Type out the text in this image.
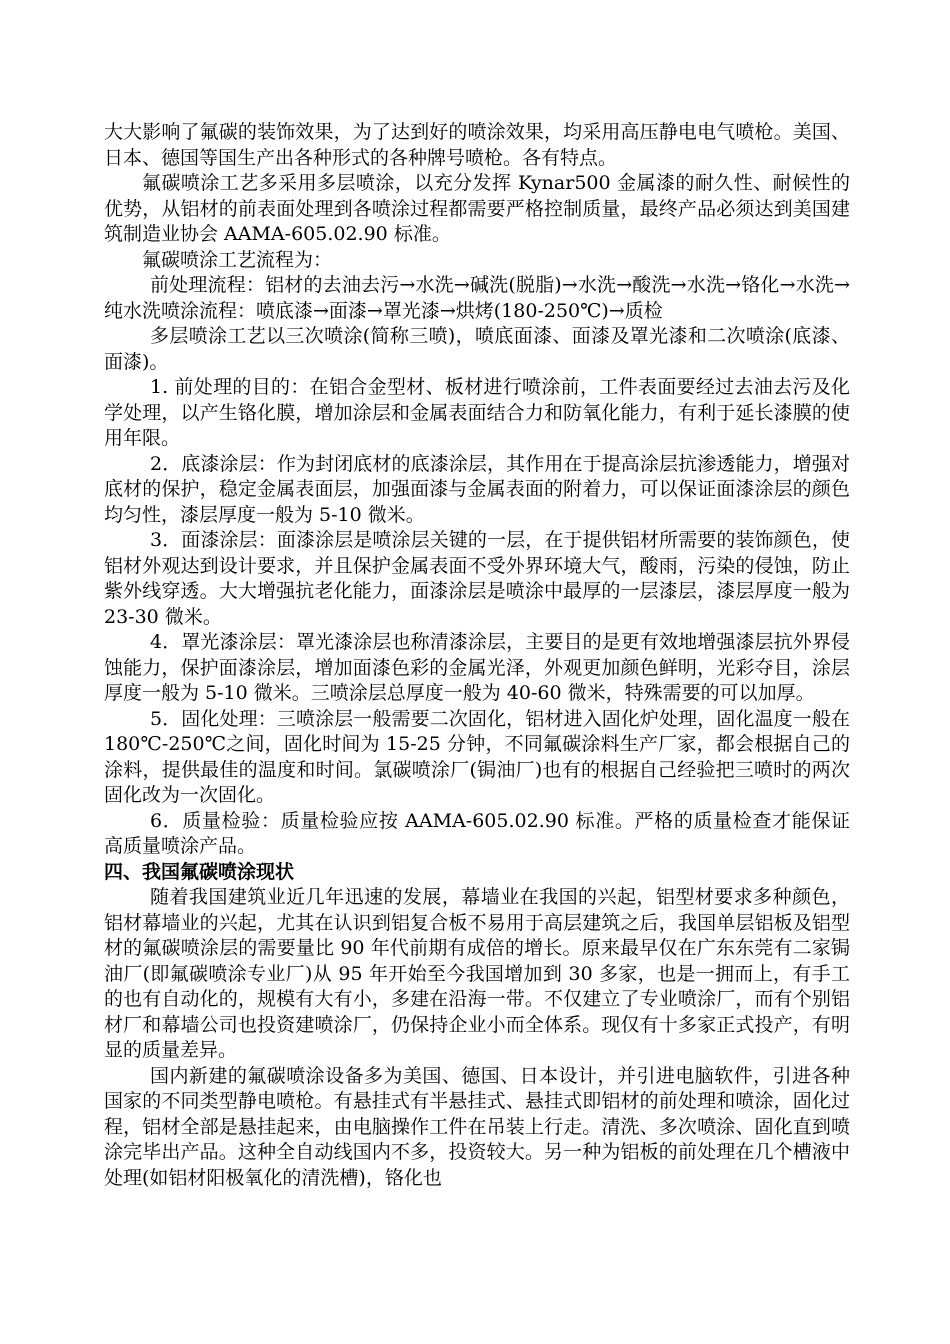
大大影响了氟碳的装饰效果，为了达到好的喷涂效果，均采用高压静电电气喷枪。美国、日本、德国等国生产出各种形式的各种牌号喷枪。各有特点。

氟碳喷涂工艺多采用多层喷涂，以充分发挥 Kynar500 金属漆的耐久性、耐候性的优势，从铝材的前表面处理到各喷涂过程都需要严格控制质量，最终产品必须达到美国建筑制造业协会 AAMA-605.02.90 标准。

氟碳喷涂工艺流程为：

前处理流程：铝材的去油去污→水洗→碱洗(脱脂)→水洗→酸洗→水洗→铬化→水洗→纯水洗喷涂流程：喷底漆→面漆→罩光漆→烘烤(180-250℃)→质检

多层喷涂工艺以三次喷涂(简称三喷)，喷底面漆、面漆及罩光漆和二次喷涂(底漆、面漆)。

1. 前处理的目的：在铝合金型材、板材进行喷涂前，工件表面要经过去油去污及化学处理，以产生铬化膜，增加涂层和金属表面结合力和防氧化能力，有利于延长漆膜的使用年限。

2．底漆涂层：作为封闭底材的底漆涂层，其作用在于提高涂层抗渗透能力，增强对底材的保护，稳定金属表面层，加强面漆与金属表面的附着力，可以保证面漆涂层的颜色均匀性，漆层厚度一般为 5-10 微米。

3．面漆涂层：面漆涂层是喷涂层关键的一层，在于提供铝材所需要的装饰颜色，使铝材外观达到设计要求，并且保护金属表面不受外界环境大气，酸雨，污染的侵蚀，防止紫外线穿透。大大增强抗老化能力，面漆涂层是喷涂中最厚的一层漆层，漆层厚度一般为 23-30 微米。

4．罩光漆涂层：罩光漆涂层也称清漆涂层，主要目的是更有效地增强漆层抗外界侵蚀能力，保护面漆涂层，增加面漆色彩的金属光泽，外观更加颜色鲜明，光彩夺目，涂层厚度一般为 5-10 微米。三喷涂层总厚度一般为 40-60 微米，特殊需要的可以加厚。

5．固化处理：三喷涂层一般需要二次固化，铝材进入固化炉处理，固化温度一般在 180℃-250℃之间，固化时间为 15-25 分钟，不同氟碳涂料生产厂家，都会根据自己的涂料，提供最佳的温度和时间。氯碳喷涂厂(锔油厂)也有的根据自己经验把三喷时的两次固化改为一次固化。

6．质量检验：质量检验应按 AAMA-605.02.90 标准。严格的质量检查才能保证高质量喷涂产品。

四、我国氟碳喷涂现状

随着我国建筑业近几年迅速的发展，幕墙业在我国的兴起，铝型材要求多种颜色，铝材幕墙业的兴起，尤其在认识到铝复合板不易用于高层建筑之后，我国单层铝板及铝型材的氟碳喷涂层的需要量比 90 年代前期有成倍的增长。原来最早仅在广东东莞有二家锔油厂(即氟碳喷涂专业厂)从 95 年开始至今我国增加到 30 多家，也是一拥而上，有手工的也有自动化的，规模有大有小，多建在沿海一带。不仅建立了专业喷涂厂，而有个别铝材厂和幕墙公司也投资建喷涂厂，仍保持企业小而全体系。现仅有十多家正式投产，有明显的质量差异。

国内新建的氟碳喷涂设备多为美国、德国、日本设计，并引进电脑软件，引进各种国家的不同类型静电喷枪。有悬挂式有半悬挂式、悬挂式即铝材的前处理和喷涂，固化过程，铝材全部是悬挂起来，由电脑操作工件在吊装上行走。清洗、多次喷涂、固化直到喷涂完毕出产品。这种全自动线国内不多，投资较大。另一种为铝板的前处理在几个槽液中处理(如铝材阳极氧化的清洗槽)，铬化也
